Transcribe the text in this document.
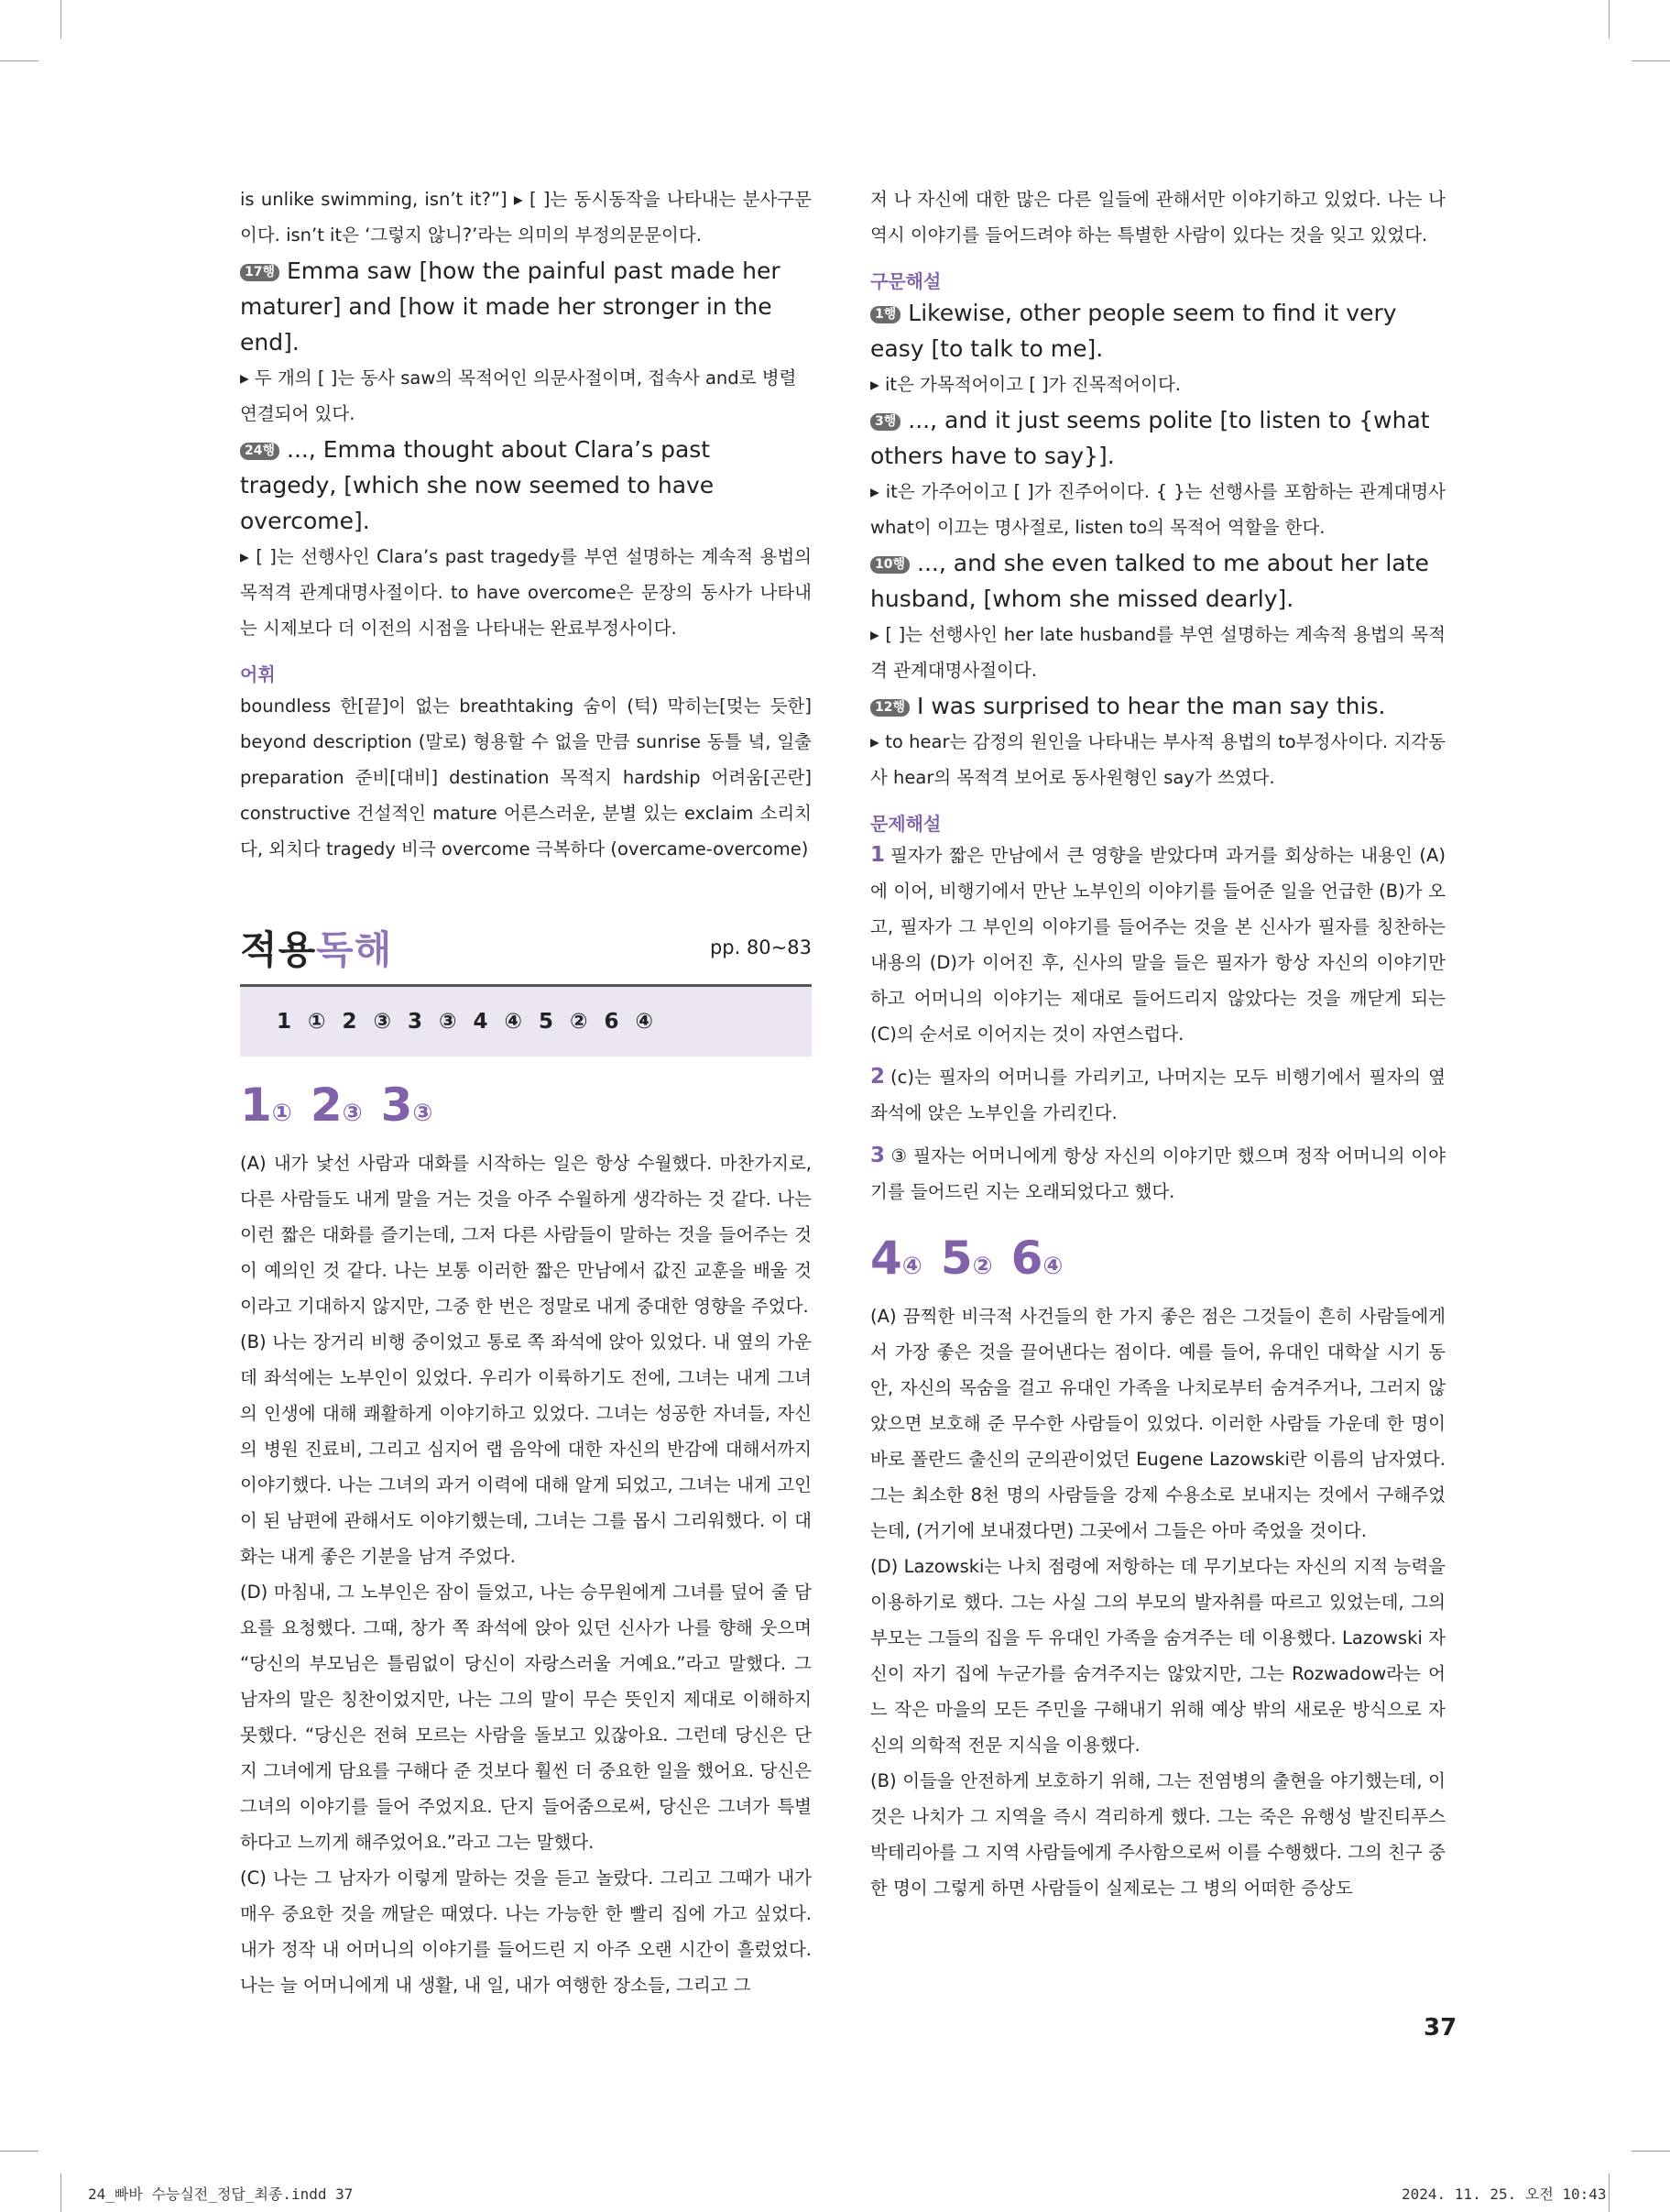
is unlike swimming, isn’t it?”] ▸ [ ]는 동시동작을 나타내는 분사구문이다. isn’t it은 ‘그렇지 않니?’라는 의미의 부정의문문이다.

17행 Emma saw [how the painful past made her maturer] and [how it made her stronger in the end].

▸ 두 개의 [ ]는 동사 saw의 목적어인 의문사절이며, 접속사 and로 병렬 연결되어 있다.

24행 ..., Emma thought about Clara’s past tragedy, [which she now seemed to have overcome].

▸ [ ]는 선행사인 Clara’s past tragedy를 부연 설명하는 계속적 용법의 목적격 관계대명사절이다. to have overcome은 문장의 동사가 나타내는 시제보다 더 이전의 시점을 나타내는 완료부정사이다.

어휘

boundless 한[끝]이 없는 breathtaking 숨이 (턱) 막히는[멎는 듯한] beyond description (말로) 형용할 수 없을 만큼 sunrise 동틀 녘, 일출 preparation 준비[대비] destination 목적지 hardship 어려움[곤란] constructive 건설적인 mature 어른스러운, 분별 있는 exclaim 소리치다, 외치다 tragedy 비극 overcome 극복하다 (overcame-overcome)

적용독해	pp. 80~83
1 ① 2 ③ 3 ③ 4 ④ 5 ② 6 ④
1① 2③ 3③

(A) 내가 낯선 사람과 대화를 시작하는 일은 항상 수월했다. 마찬가지로, 다른 사람들도 내게 말을 거는 것을 아주 수월하게 생각하는 것 같다. 나는 이런 짧은 대화를 즐기는데, 그저 다른 사람들이 말하는 것을 들어주는 것이 예의인 것 같다. 나는 보통 이러한 짧은 만남에서 값진 교훈을 배울 것이라고 기대하지 않지만, 그중 한 번은 정말로 내게 중대한 영향을 주었다.

(B) 나는 장거리 비행 중이었고 통로 쪽 좌석에 앉아 있었다. 내 옆의 가운데 좌석에는 노부인이 있었다. 우리가 이륙하기도 전에, 그녀는 내게 그녀의 인생에 대해 쾌활하게 이야기하고 있었다. 그녀는 성공한 자녀들, 자신의 병원 진료비, 그리고 심지어 랩 음악에 대한 자신의 반감에 대해서까지 이야기했다. 나는 그녀의 과거 이력에 대해 알게 되었고, 그녀는 내게 고인이 된 남편에 관해서도 이야기했는데, 그녀는 그를 몹시 그리워했다. 이 대화는 내게 좋은 기분을 남겨 주었다.

(D) 마침내, 그 노부인은 잠이 들었고, 나는 승무원에게 그녀를 덮어 줄 담요를 요청했다. 그때, 창가 쪽 좌석에 앉아 있던 신사가 나를 향해 웃으며 “당신의 부모님은 틀림없이 당신이 자랑스러울 거예요.”라고 말했다. 그 남자의 말은 칭찬이었지만, 나는 그의 말이 무슨 뜻인지 제대로 이해하지 못했다. “당신은 전혀 모르는 사람을 돌보고 있잖아요. 그런데 당신은 단지 그녀에게 담요를 구해다 준 것보다 훨씬 더 중요한 일을 했어요. 당신은 그녀의 이야기를 들어 주었지요. 단지 들어줌으로써, 당신은 그녀가 특별하다고 느끼게 해주었어요.”라고 그는 말했다.

(C) 나는 그 남자가 이렇게 말하는 것을 듣고 놀랐다. 그리고 그때가 내가 매우 중요한 것을 깨달은 때였다. 나는 가능한 한 빨리 집에 가고 싶었다. 내가 정작 내 어머니의 이야기를 들어드린 지 아주 오랜 시간이 흘렀었다. 나는 늘 어머니에게 내 생활, 내 일, 내가 여행한 장소들, 그리고 그

저 나 자신에 대한 많은 다른 일들에 관해서만 이야기하고 있었다. 나는 나 역시 이야기를 들어드려야 하는 특별한 사람이 있다는 것을 잊고 있었다.

구문해설

1행 Likewise, other people seem to find it very easy [to talk to me].

▸ it은 가목적어이고 [ ]가 진목적어이다.

3행 ..., and it just seems polite [to listen to {what others have to say}].

▸ it은 가주어이고 [ ]가 진주어이다. { }는 선행사를 포함하는 관계대명사 what이 이끄는 명사절로, listen to의 목적어 역할을 한다.

10행 ..., and she even talked to me about her late husband, [whom she missed dearly].

▸ [ ]는 선행사인 her late husband를 부연 설명하는 계속적 용법의 목적격 관계대명사절이다.

12행 I was surprised to hear the man say this.

▸ to hear는 감정의 원인을 나타내는 부사적 용법의 to부정사이다. 지각동사 hear의 목적격 보어로 동사원형인 say가 쓰였다.

문제해설

1 필자가 짧은 만남에서 큰 영향을 받았다며 과거를 회상하는 내용인 (A)에 이어, 비행기에서 만난 노부인의 이야기를 들어준 일을 언급한 (B)가 오고, 필자가 그 부인의 이야기를 들어주는 것을 본 신사가 필자를 칭찬하는 내용의 (D)가 이어진 후, 신사의 말을 들은 필자가 항상 자신의 이야기만 하고 어머니의 이야기는 제대로 들어드리지 않았다는 것을 깨닫게 되는 (C)의 순서로 이어지는 것이 자연스럽다.

2 (c)는 필자의 어머니를 가리키고, 나머지는 모두 비행기에서 필자의 옆 좌석에 앉은 노부인을 가리킨다.

3 ③ 필자는 어머니에게 항상 자신의 이야기만 했으며 정작 어머니의 이야기를 들어드린 지는 오래되었다고 했다.

4④ 5② 6④

(A) 끔찍한 비극적 사건들의 한 가지 좋은 점은 그것들이 흔히 사람들에게서 가장 좋은 것을 끌어낸다는 점이다. 예를 들어, 유대인 대학살 시기 동안, 자신의 목숨을 걸고 유대인 가족을 나치로부터 숨겨주거나, 그러지 않았으면 보호해 준 무수한 사람들이 있었다. 이러한 사람들 가운데 한 명이 바로 폴란드 출신의 군의관이었던 Eugene Lazowski란 이름의 남자였다. 그는 최소한 8천 명의 사람들을 강제 수용소로 보내지는 것에서 구해주었는데, (거기에 보내졌다면) 그곳에서 그들은 아마 죽었을 것이다.

(D) Lazowski는 나치 점령에 저항하는 데 무기보다는 자신의 지적 능력을 이용하기로 했다. 그는 사실 그의 부모의 발자취를 따르고 있었는데, 그의 부모는 그들의 집을 두 유대인 가족을 숨겨주는 데 이용했다. Lazowski 자신이 자기 집에 누군가를 숨겨주지는 않았지만, 그는 Rozwadow라는 어느 작은 마을의 모든 주민을 구해내기 위해 예상 밖의 새로운 방식으로 자신의 의학적 전문 지식을 이용했다.

(B) 이들을 안전하게 보호하기 위해, 그는 전염병의 출현을 야기했는데, 이것은 나치가 그 지역을 즉시 격리하게 했다. 그는 죽은 유행성 발진티푸스 박테리아를 그 지역 사람들에게 주사함으로써 이를 수행했다. 그의 친구 중 한 명이 그렇게 하면 사람들이 실제로는 그 병의 어떠한 증상도

37
24_빠바 수능실전_정답_최종.indd 37	2024. 11. 25. 오전 10:43
